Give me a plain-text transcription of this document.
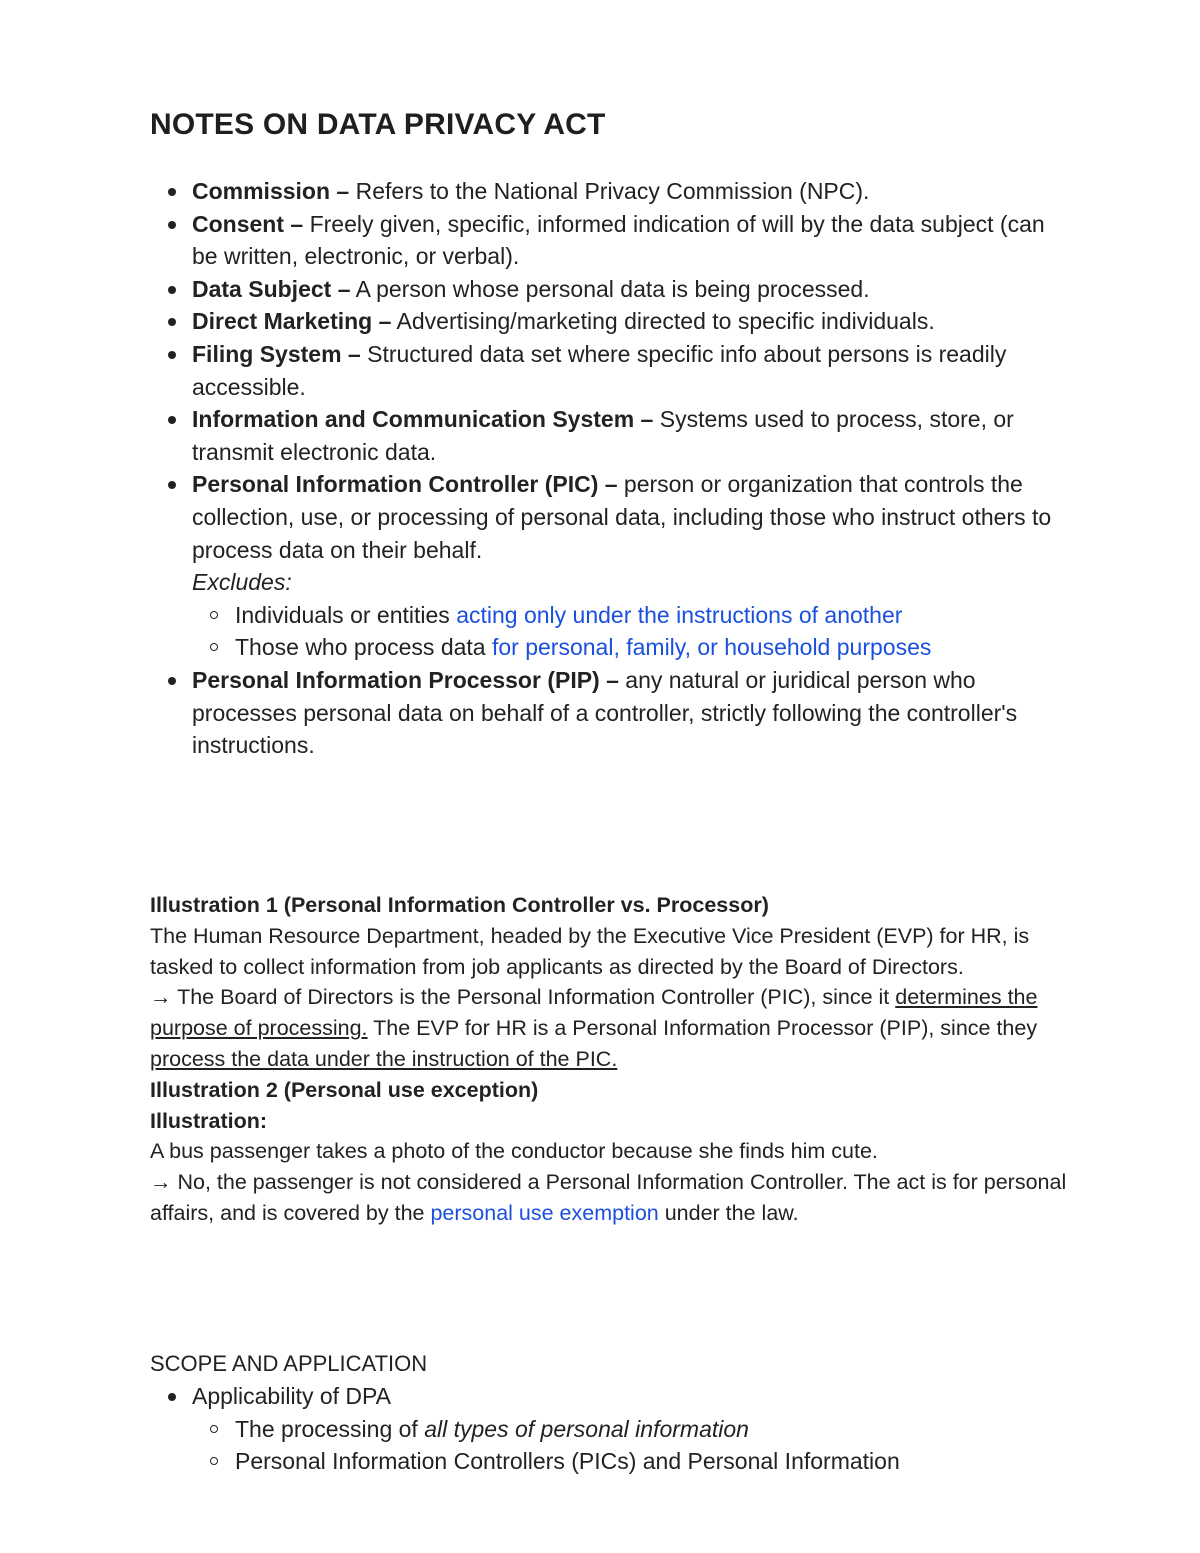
NOTES ON DATA PRIVACY ACT
Commission – Refers to the National Privacy Commission (NPC).
Consent – Freely given, specific, informed indication of will by the data subject (can be written, electronic, or verbal).
Data Subject – A person whose personal data is being processed.
Direct Marketing – Advertising/marketing directed to specific individuals.
Filing System – Structured data set where specific info about persons is readily accessible.
Information and Communication System – Systems used to process, store, or transmit electronic data.
Personal Information Controller (PIC) – person or organization that controls the collection, use, or processing of personal data, including those who instruct others to process data on their behalf.
Excludes:
Individuals or entities acting only under the instructions of another
Those who process data for personal, family, or household purposes
Personal Information Processor (PIP) – any natural or juridical person who processes personal data on behalf of a controller, strictly following the controller's instructions.

Illustration 1 (Personal Information Controller vs. Processor)

The Human Resource Department, headed by the Executive Vice President (EVP) for HR, is tasked to collect information from job applicants as directed by the Board of Directors.

→ The Board of Directors is the Personal Information Controller (PIC), since it determines the purpose of processing. The EVP for HR is a Personal Information Processor (PIP), since they process the data under the instruction of the PIC.

Illustration 2 (Personal use exception)

Illustration:

A bus passenger takes a photo of the conductor because she finds him cute.

→ No, the passenger is not considered a Personal Information Controller. The act is for personal affairs, and is covered by the personal use exemption under the law.

SCOPE AND APPLICATION

Applicability of DPA
The processing of all types of personal information
Personal Information Controllers (PICs) and Personal Information
